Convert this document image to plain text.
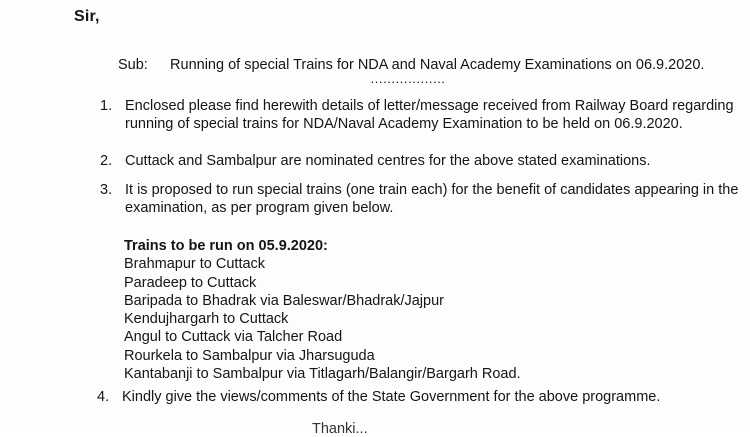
Sir,
Sub: Running of special Trains for NDA and Naval Academy Examinations on 06.9.2020.
………………
1. Enclosed please find herewith details of letter/message received from Railway Board regarding
running of special trains for NDA/Naval Academy Examination to be held on 06.9.2020.
2. Cuttack and Sambalpur are nominated centres for the above stated examinations.
3. It is proposed to run special trains (one train each) for the benefit of candidates appearing in the
examination, as per program given below.
Trains to be run on 05.9.2020:
Brahmapur to Cuttack
Paradeep to Cuttack
Baripada to Bhadrak via Baleswar/Bhadrak/Jajpur
Kendujhargarh to Cuttack
Angul to Cuttack via Talcher Road
Rourkela to Sambalpur via Jharsuguda
Kantabanji to Sambalpur via Titlagarh/Balangir/Bargarh Road.
4. Kindly give the views/comments of the State Government for the above programme.
Thanki...
